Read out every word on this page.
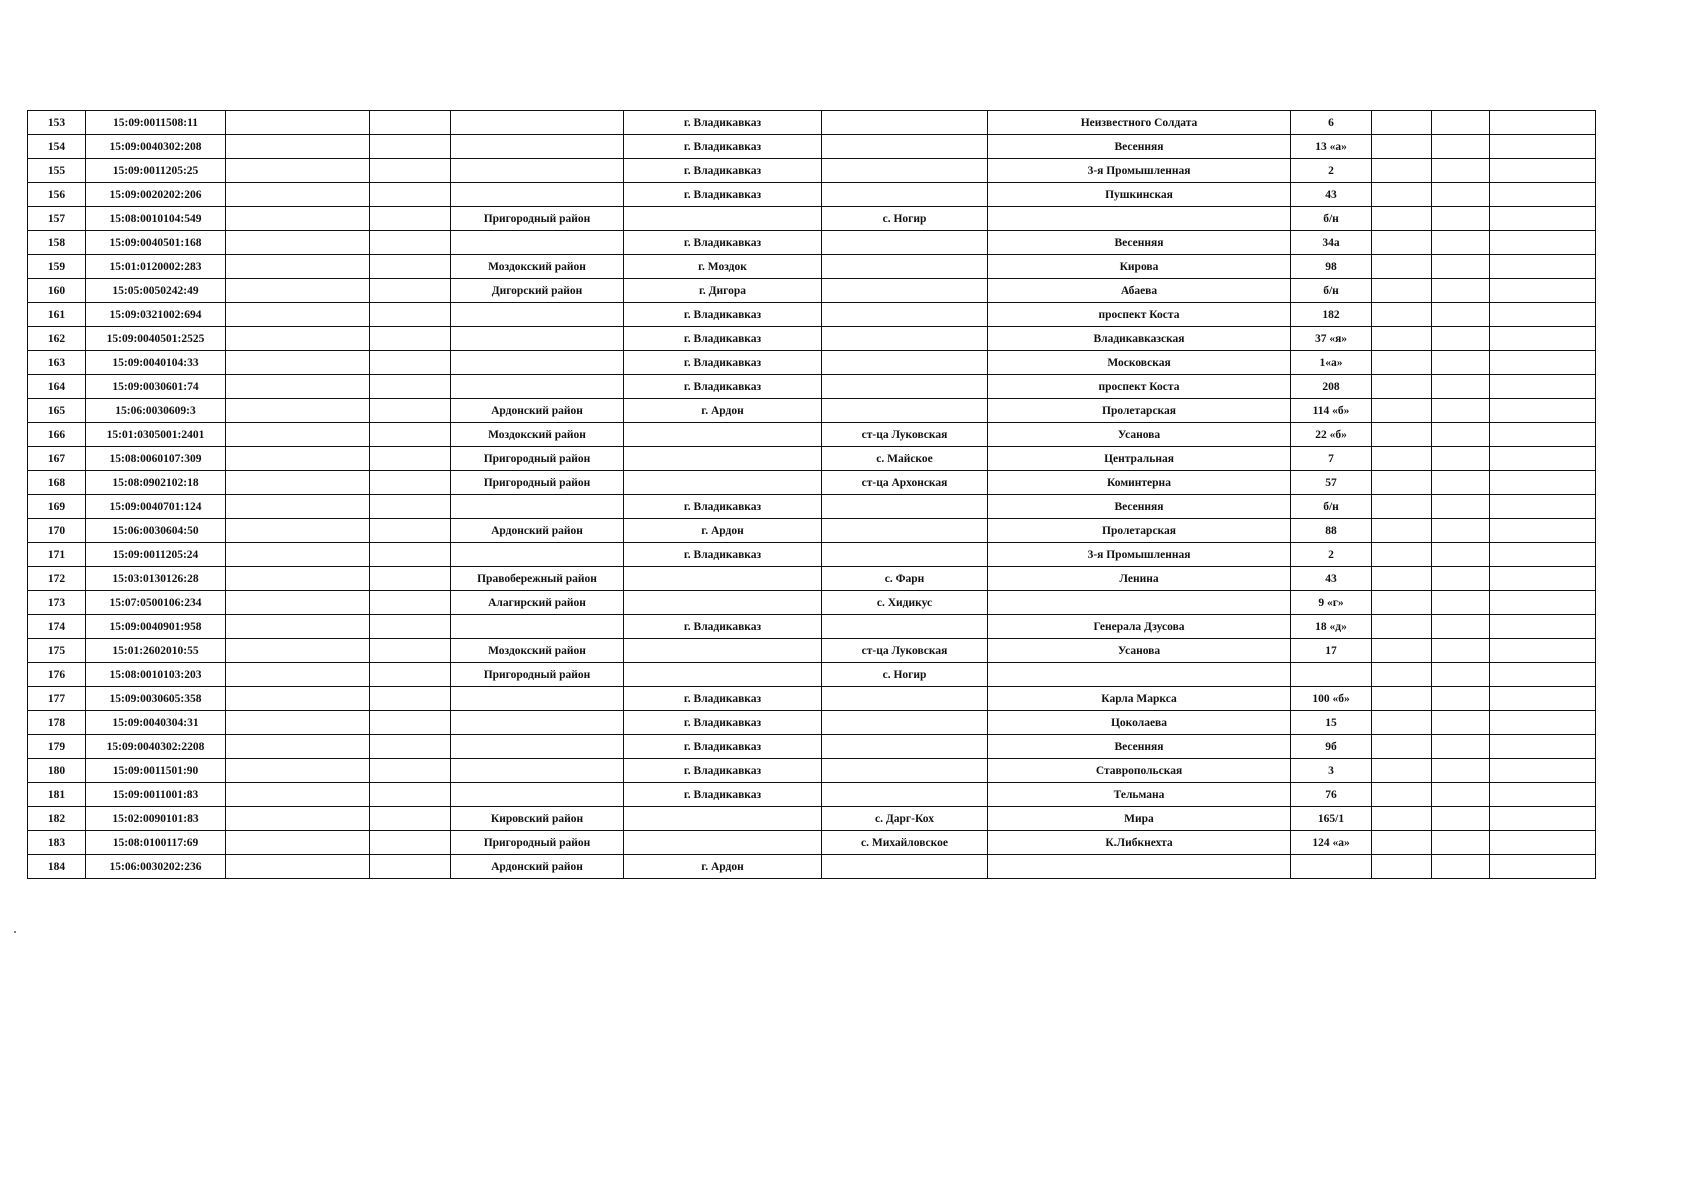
153	15:09:0011508:11				г. Владикавказ		Неизвестного Солдата	6			
154	15:09:0040302:208				г. Владикавказ		Весенняя	13 «а»			
155	15:09:0011205:25				г. Владикавказ		3-я Промышленная	2			
156	15:09:0020202:206				г. Владикавказ		Пушкинская	43			
157	15:08:0010104:549			Пригородный район		с. Ногир		б/н			
158	15:09:0040501:168				г. Владикавказ		Весенняя	34а			
159	15:01:0120002:283			Моздокский район	г. Моздок		Кирова	98			
160	15:05:0050242:49			Дигорский район	г. Дигора		Абаева	б/н			
161	15:09:0321002:694				г. Владикавказ		проспект Коста	182			
162	15:09:0040501:2525				г. Владикавказ		Владикавказская	37 «я»			
163	15:09:0040104:33				г. Владикавказ		Московская	1«а»			
164	15:09:0030601:74				г. Владикавказ		проспект Коста	208			
165	15:06:0030609:3			Ардонский район	г. Ардон		Пролетарская	114 «б»			
166	15:01:0305001:2401			Моздокский район		ст-ца Луковская	Усанова	22 «б»			
167	15:08:0060107:309			Пригородный район		с. Майское	Центральная	7			
168	15:08:0902102:18			Пригородный район		ст-ца Архонская	Коминтерна	57			
169	15:09:0040701:124				г. Владикавказ		Весенняя	б/н			
170	15:06:0030604:50			Ардонский район	г. Ардон		Пролетарская	88			
171	15:09:0011205:24				г. Владикавказ		3-я Промышленная	2			
172	15:03:0130126:28			Правобережный район		с. Фарн	Ленина	43			
173	15:07:0500106:234			Алагирский район		с. Хидикус		9 «г»			
174	15:09:0040901:958				г. Владикавказ		Генерала Дзусова	18 «д»			
175	15:01:2602010:55			Моздокский район		ст-ца Луковская	Усанова	17			
176	15:08:0010103:203			Пригородный район		с. Ногир					
177	15:09:0030605:358				г. Владикавказ		Карла Маркса	100 «б»			
178	15:09:0040304:31				г. Владикавказ		Цоколаева	15			
179	15:09:0040302:2208				г. Владикавказ		Весенняя	9б			
180	15:09:0011501:90				г. Владикавказ		Ставропольская	3			
181	15:09:0011001:83				г. Владикавказ		Тельмана	76			
182	15:02:0090101:83			Кировский район		с. Дарг-Кох	Мира	165/1			
183	15:08:0100117:69			Пригородный район		с. Михайловское	К.Либкнехта	124 «а»			
184	15:06:0030202:236			Ардонский район	г. Ардон						
